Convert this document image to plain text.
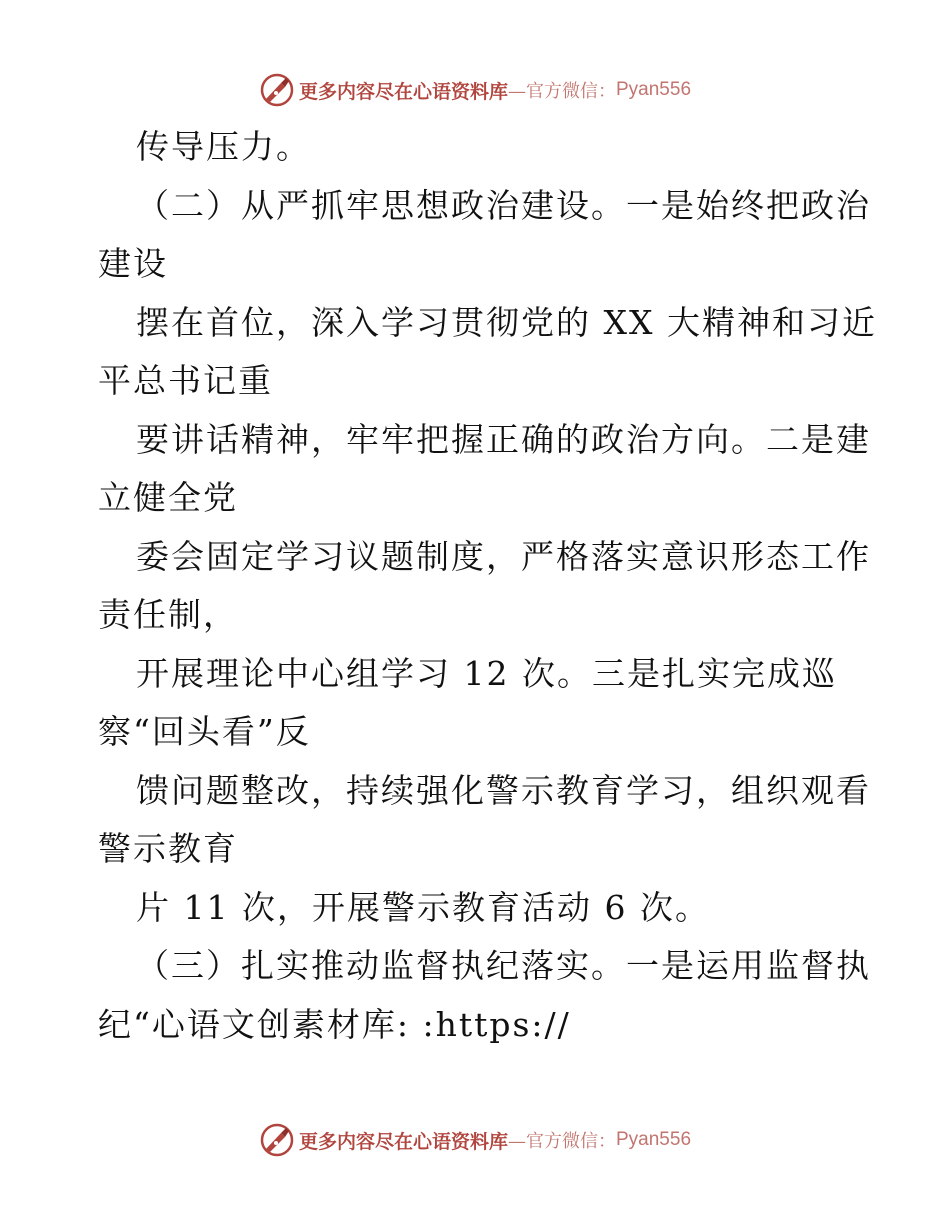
更多内容尽在心语资料库 —官方微信： Pyan556
传导压力。
（二）从严抓牢思想政治建设。一是始终把政治
建设
摆在首位，深入学习贯彻党的 XX 大精神和习近
平总书记重
要讲话精神，牢牢把握正确的政治方向。二是建
立健全党
委会固定学习议题制度，严格落实意识形态工作
责任制，
开展理论中心组学习 12 次。三是扎实完成巡
察“回头看”反
馈问题整改，持续强化警示教育学习，组织观看
警示教育
片 11 次，开展警示教育活动 6 次。
（三）扎实推动监督执纪落实。一是运用监督执
纪“心语文创素材库: :https://
更多内容尽在心语资料库 —官方微信： Pyan556
